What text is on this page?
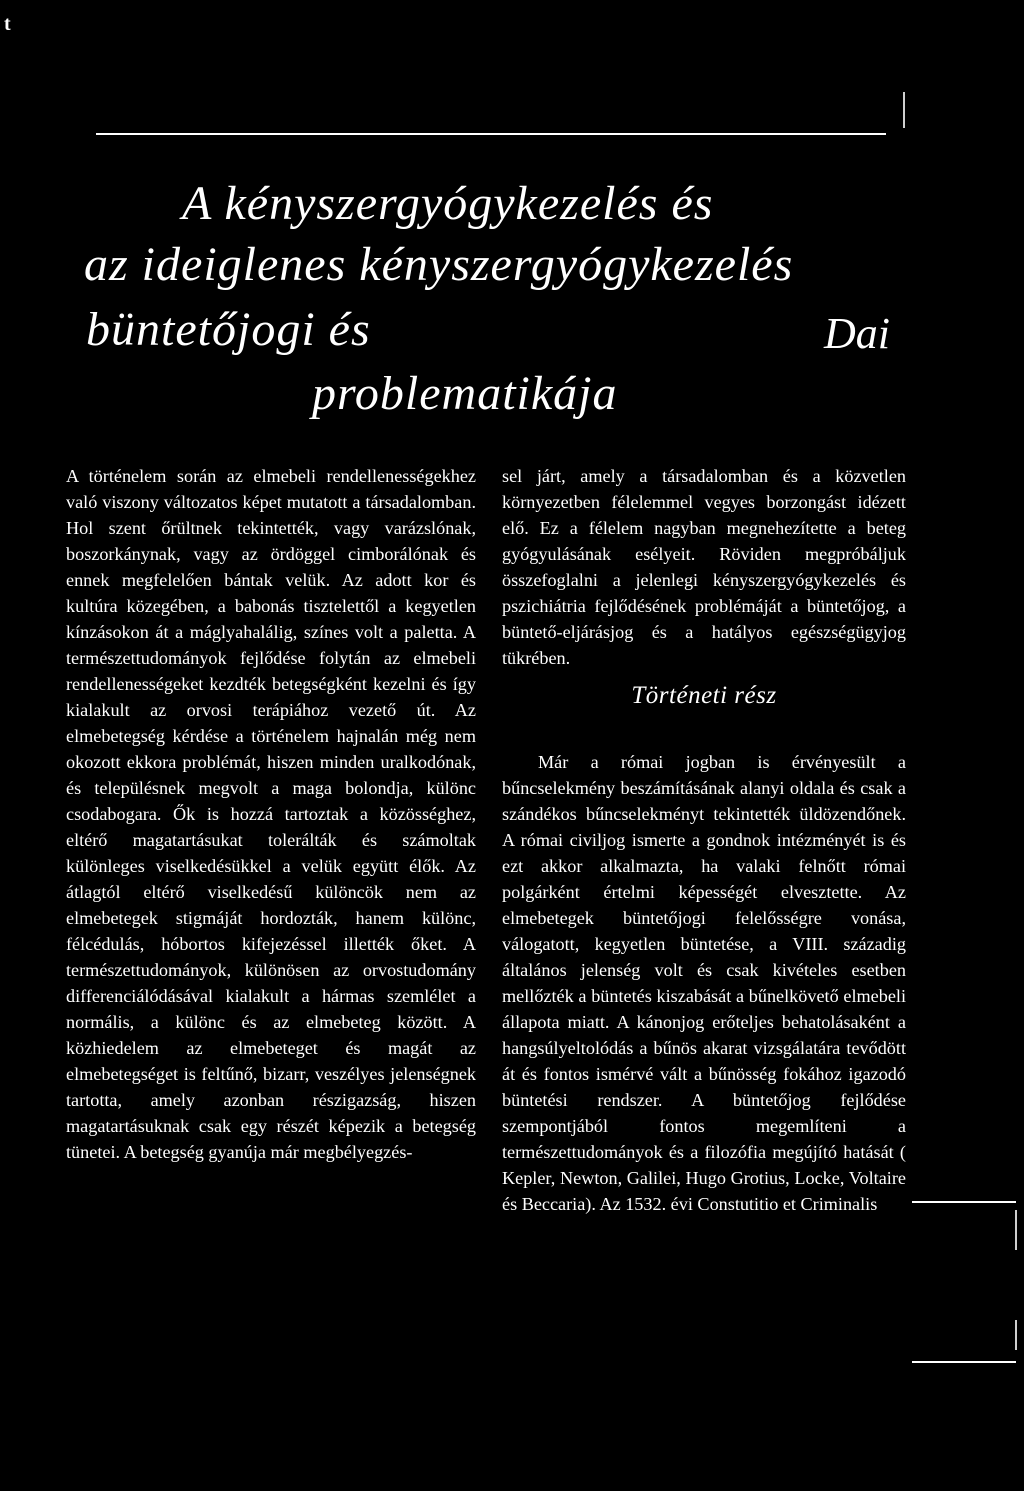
t
A kényszergyógykezelés és
az ideiglenes kényszergyógykezelés
büntetőjogi és	Dai
problematikája

A történelem során az elmebeli rendellenességekhez való viszony változatos képet mutatott a társadalomban. Hol szent őrültnek tekintették, vagy varázslónak, boszorkánynak, vagy az ördöggel cimborálónak és ennek megfelelően bántak velük. Az adott kor és kultúra közegében, a babonás tisztelettől a kegyetlen kínzásokon át a máglyahalálig, színes volt a paletta. A természettudományok fejlődése folytán az elmebeli rendellenességeket kezdték betegségként kezelni és így kialakult az orvosi terápiához vezető út. Az elmebetegség kérdése a történelem hajnalán még nem okozott ekkora problémát, hiszen minden uralkodónak, és településnek megvolt a maga bolondja, különc csodabogara. Ők is hozzá tartoztak a közösséghez, eltérő magatartásukat tolerálták és számoltak különleges viselkedésükkel a velük együtt élők. Az átlagtól eltérő viselkedésű különcök nem az elmebetegek stigmáját hordozták, hanem különc, félcédulás, hóbortos kifejezéssel illették őket. A természettudományok, különösen az orvostudomány differenciálódásával kialakult a hármas szemlélet a normális, a különc és az elmebeteg között. A közhiedelem az elmebeteget és magát az elmebetegséget is feltűnő, bizarr, veszélyes jelenségnek tartotta, amely azonban részigazság, hiszen magatartásuknak csak egy részét képezik a betegség tünetei. A betegség gyanúja már megbélyegzés-

sel járt, amely a társadalomban és a közvetlen környezetben félelemmel vegyes borzongást idézett elő. Ez a félelem nagyban megnehezítette a beteg gyógyulásának esélyeit. Röviden megpróbáljuk összefoglalni a jelenlegi kényszergyógykezelés és pszichiátria fejlődésének problémáját a büntetőjog, a büntető-eljárásjog és a hatályos egészségügyjog tükrében.

Történeti rész

Már a római jogban is érvényesült a bűncselekmény beszámításának alanyi oldala és csak a szándékos bűncselekményt tekintették üldözendőnek. A római civiljog ismerte a gondnok intézményét is és ezt akkor alkalmazta, ha valaki felnőtt római polgárként értelmi képességét elvesztette. Az elmebetegek büntetőjogi felelősségre vonása, válogatott, kegyetlen büntetése, a VIII. századig általános jelenség volt és csak kivételes esetben mellőzték a büntetés kiszabását a bűnelkövető elmebeli állapota miatt. A kánonjog erőteljes behatolásaként a hangsúlyeltolódás a bűnös akarat vizsgálatára tevődött át és fontos ismérvé vált a bűnösség fokához igazodó büntetési rendszer. A büntetőjog fejlődése szempontjából fontos megemlíteni a természettudományok és a filozófia megújító hatását ( Kepler, Newton, Galilei, Hugo Grotius, Locke, Voltaire és Beccaria). Az 1532. évi Constutitio et Criminalis
